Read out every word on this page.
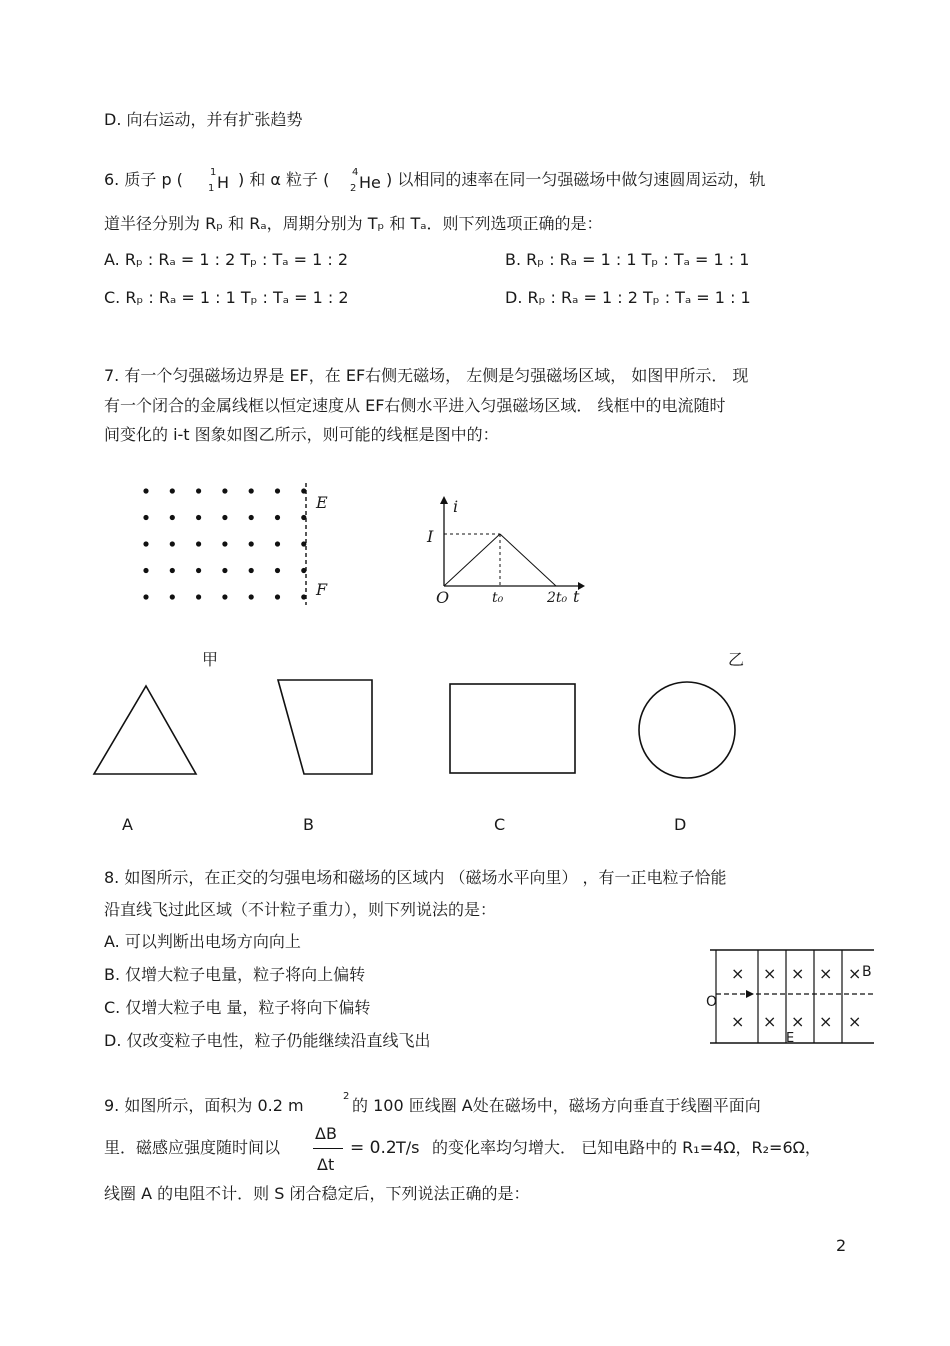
D. 向右运动，并有扩张趋势
6. 质子 p (	1
1 H ) 和 α 粒子 ( 4
2 He ) 以相同的速率在同一匀强磁场中做匀速圆周运动，轨
道半径分别为 Rₚ 和 Rₐ，周期分别为 Tₚ 和 Tₐ．则下列选项正确的是：
A. Rₚ : Rₐ = 1 : 2 Tₚ : Tₐ = 1 : 2	B. Rₚ : Rₐ = 1 : 1 Tₚ : Tₐ = 1 : 1
C. Rₚ : Rₐ = 1 : 1 Tₚ : Tₐ = 1 : 2	D. Rₚ : Rₐ = 1 : 2 Tₚ : Tₐ = 1 : 1
7. 有一个匀强磁场边界是 EF，在 EF右侧无磁场， 左侧是匀强磁场区域， 如图甲所示． 现
有一个闭合的金属线框以恒定速度从 EF右侧水平进入匀强磁场区域． 线框中的电流随时
间变化的 i-t 图象如图乙所示，则可能的线框是图中的：
E
F
甲
i
I
O	t₀	2t₀ t
乙
A	B	C	D
8. 如图所示，在正交的匀强电场和磁场的区域内 （磁场水平向里） ，有一正电粒子恰能
沿直线飞过此区域（不计粒子重力），则下列说法的是：
A. 可以判断出电场方向向上
B. 仅增大粒子电量，粒子将向上偏转
C. 仅增大粒子电 量，粒子将向下偏转
D. 仅改变粒子电性，粒子仍能继续沿直线飞出
× × × × ×
× × × × ×
B
O
E
9. 如图所示，面积为 0.2 m	2 的 100 匝线圈 A处在磁场中，磁场方向垂直于线圈平面向
里．磁感应强度随时间以
ΔB
Δt
= 0.2 T/s 的变化率均匀增大． 已知电路中的 R₁=4Ω，R₂=6Ω，
线圈 A 的电阻不计．则 S 闭合稳定后，下列说法正确的是：
2
